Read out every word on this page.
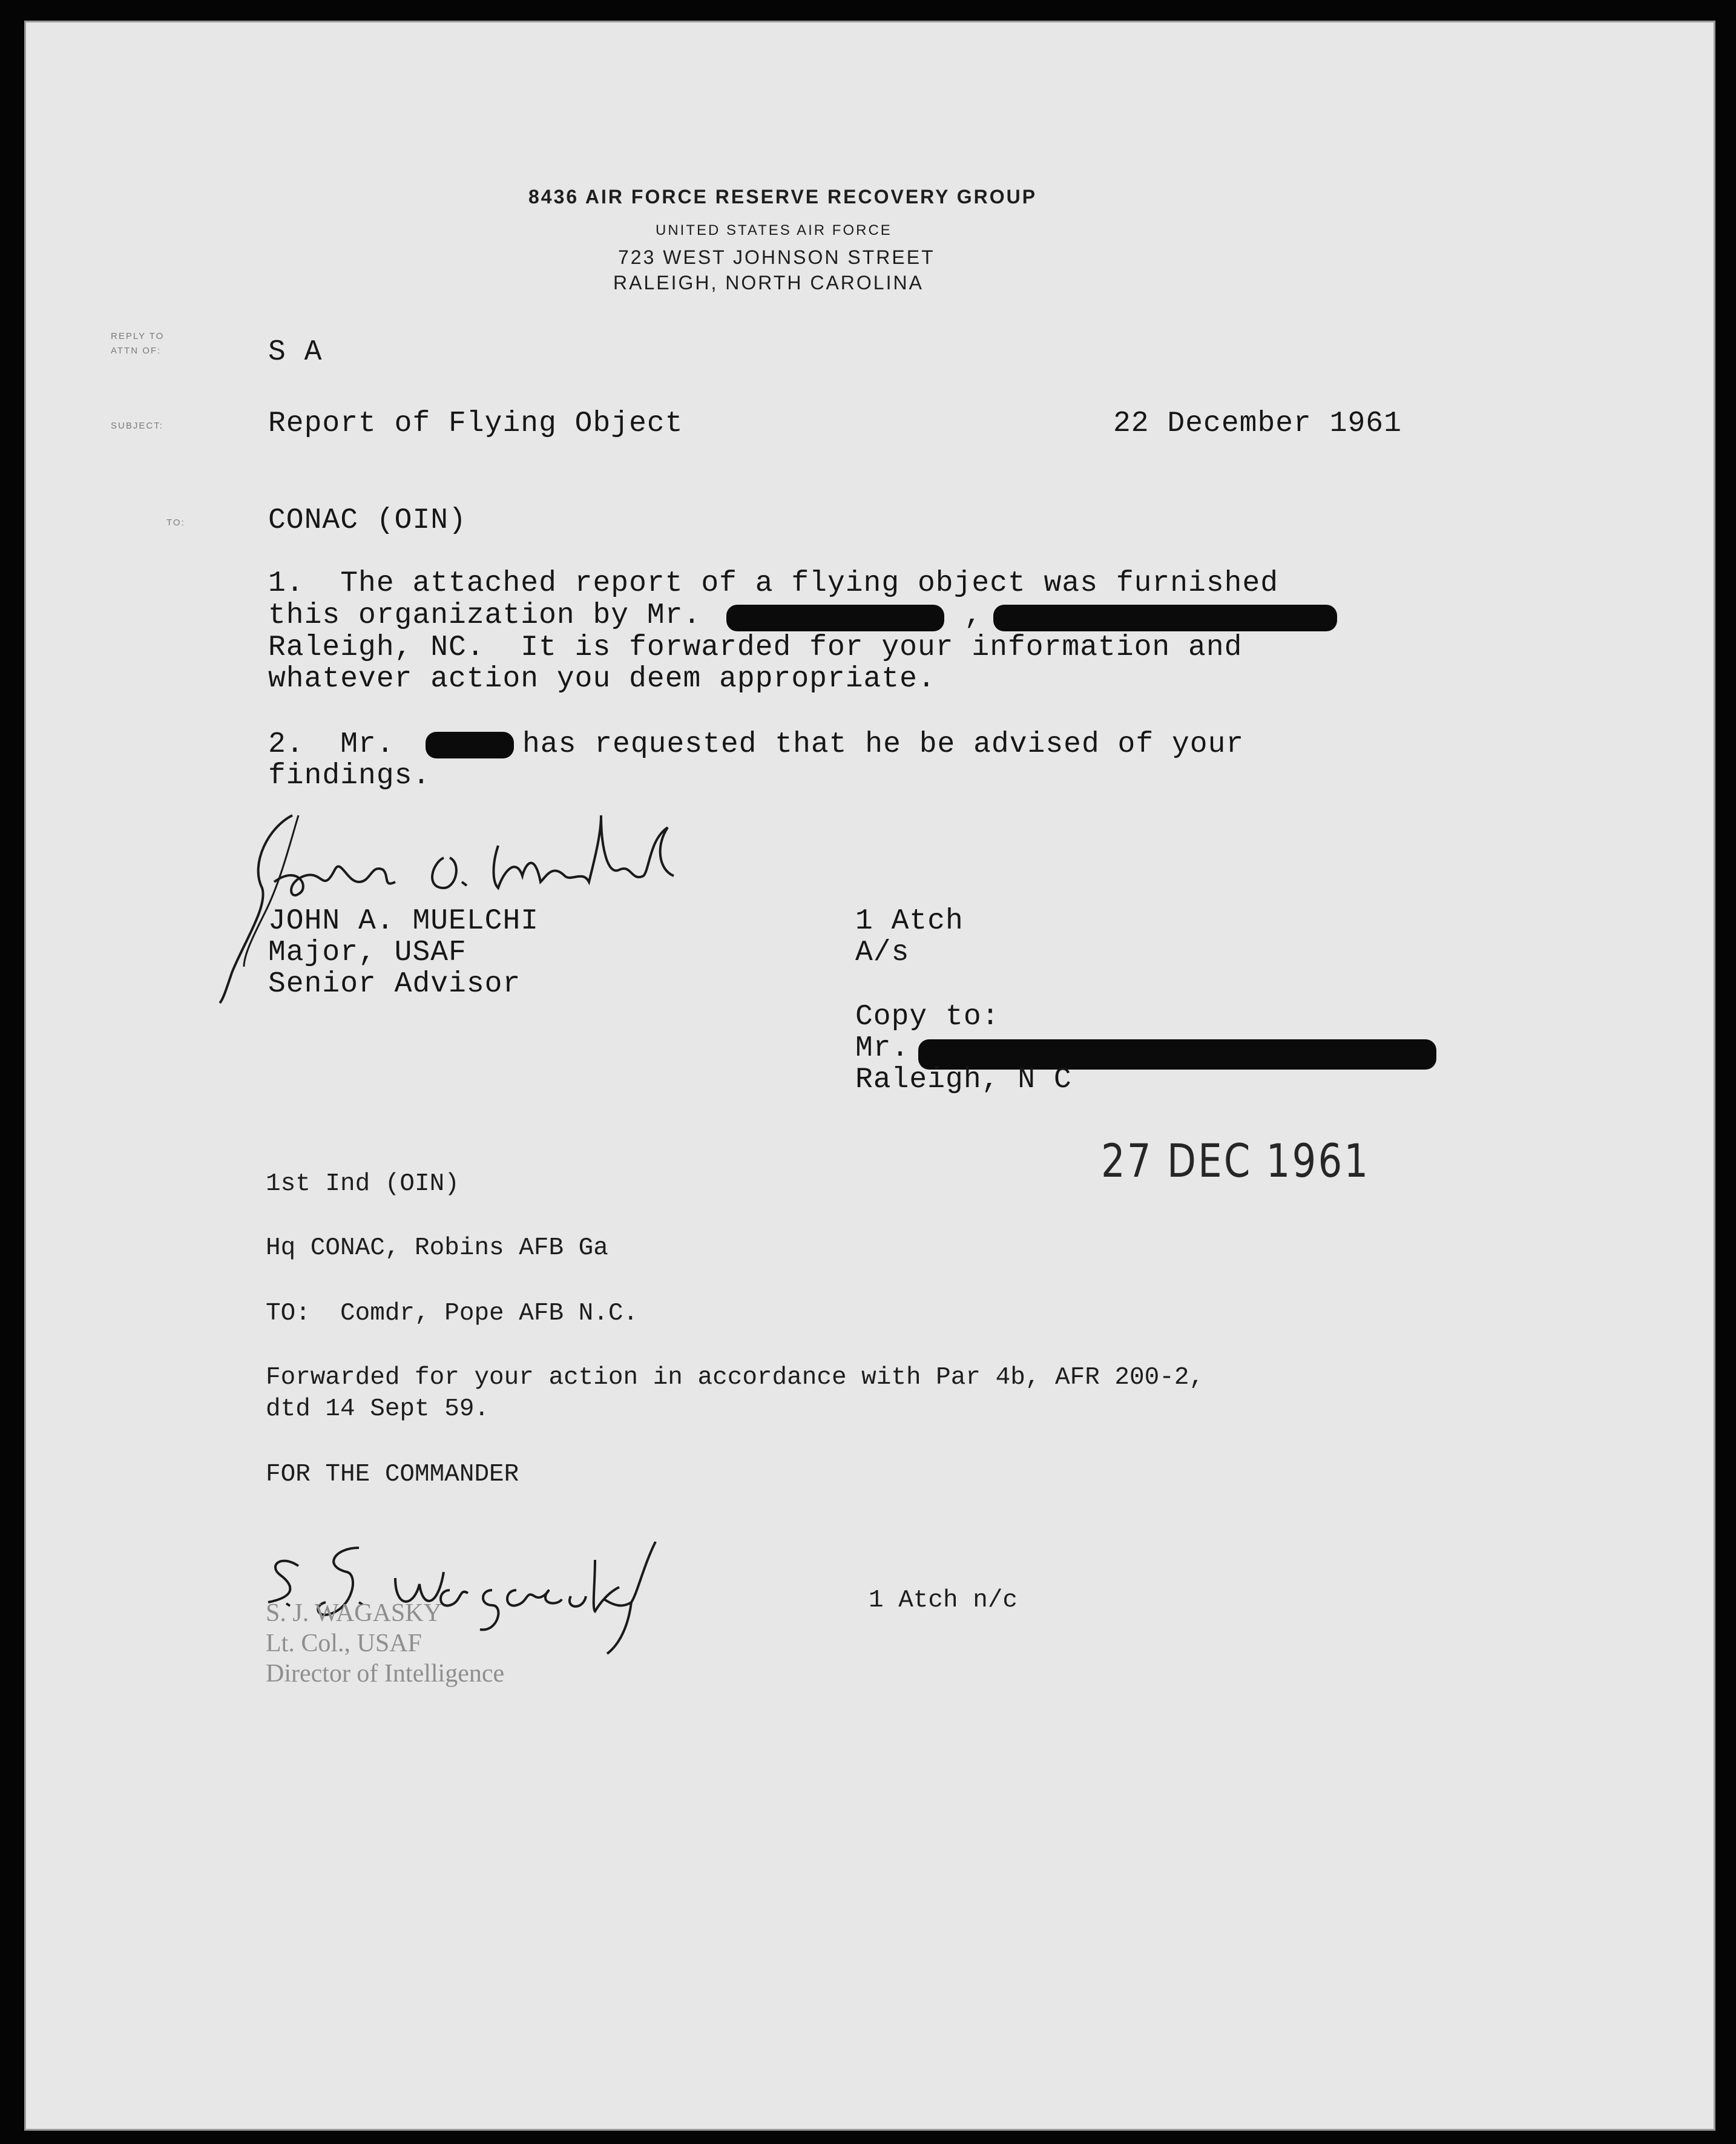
8436 AIR FORCE RESERVE RECOVERY GROUP
UNITED STATES AIR FORCE
723 WEST JOHNSON STREET
RALEIGH, NORTH CAROLINA
REPLY TO
ATTN OF:	S A
SUBJECT:	Report of Flying Object	22 December 1961
TO:	CONAC (OIN)
1.  The attached report of a flying object was furnished
this organization by Mr.	,
Raleigh, NC.  It is forwarded for your information and
whatever action you deem appropriate.
2.  Mr.	has requested that he be advised of your
findings.
JOHN A. MUELCHI
Major, USAF
Senior Advisor
1 Atch
A/s
Copy to:
Mr.
Raleigh, N C
27 DEC 1961
1st Ind (OIN)
Hq CONAC, Robins AFB Ga
TO:  Comdr, Pope AFB N.C.
Forwarded for your action in accordance with Par 4b, AFR 200-2,
dtd 14 Sept 59.
FOR THE COMMANDER
1 Atch n/c
S. J. WAGASKY
Lt. Col., USAF
Director of Intelligence
